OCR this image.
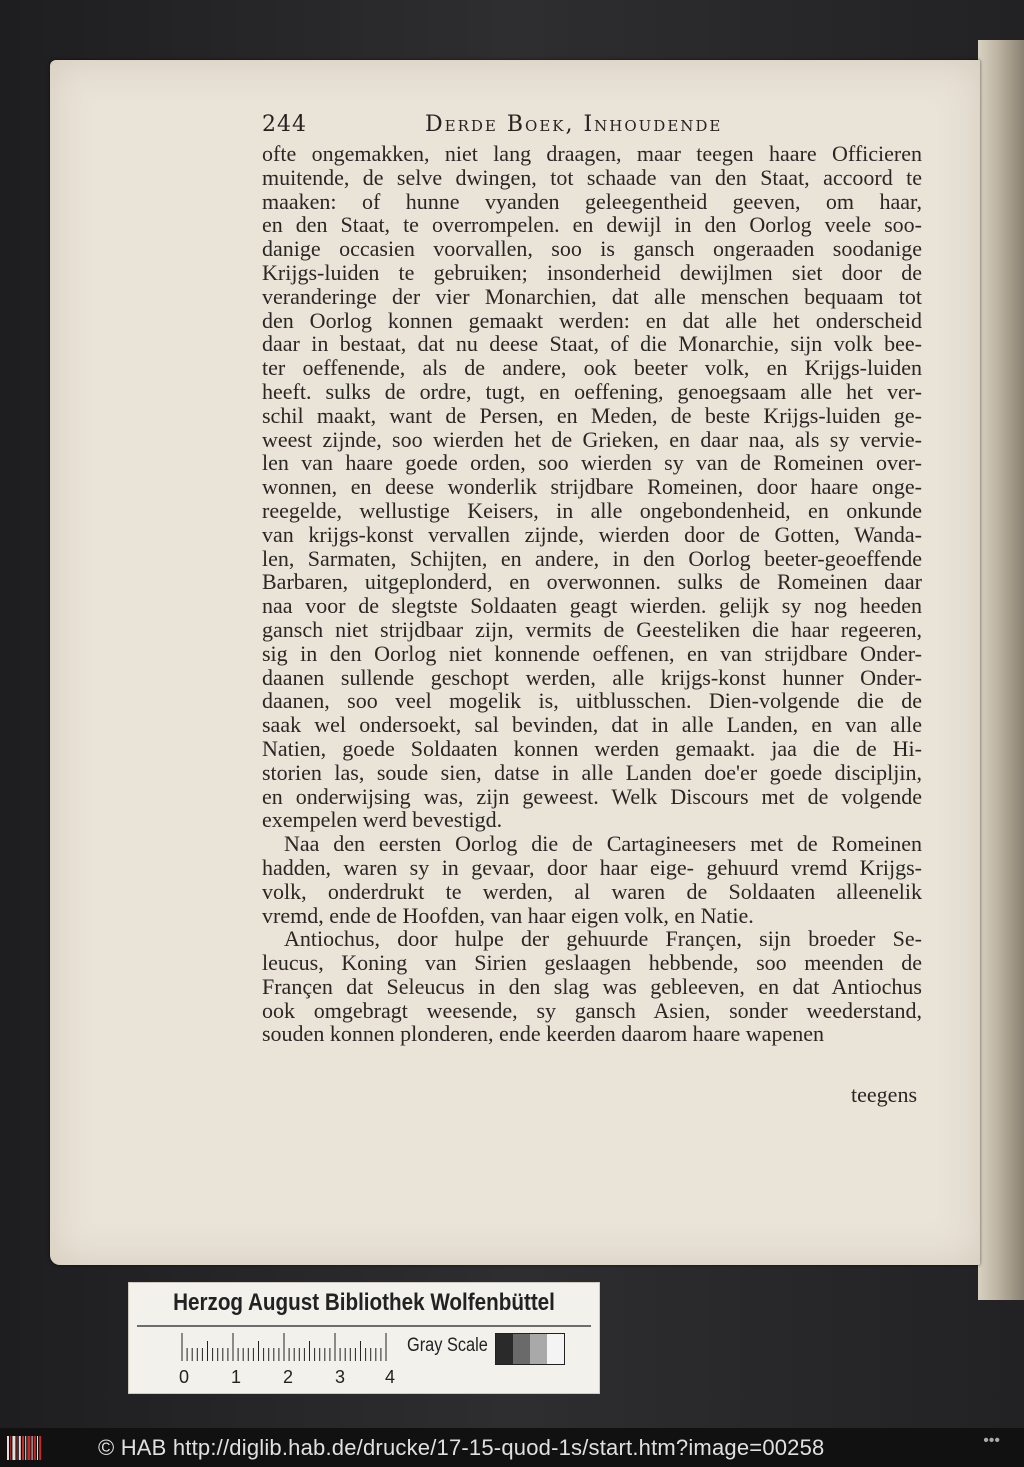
244	Derde Boek, Inhoudende
ofte ongemakken, niet lang draagen, maar teegen haare Officieren
muitende, de selve dwingen, tot schaade van den Staat, accoord te
maaken: of hunne vyanden geleegentheid geeven, om haar,
en den Staat, te overrompelen. en dewijl in den Oorlog veele soo-
danige occasien voorvallen, soo is gansch ongeraaden soodanige
Krijgs-luiden te gebruiken; insonderheid dewijlmen siet door de
veranderinge der vier Monarchien, dat alle menschen bequaam tot
den Oorlog konnen gemaakt werden: en dat alle het onderscheid
daar in bestaat, dat nu deese Staat, of die Monarchie, sijn volk bee-
ter oeffenende, als de andere, ook beeter volk, en Krijgs-luiden
heeft. sulks de ordre, tugt, en oeffening, genoegsaam alle het ver-
schil maakt, want de Persen, en Meden, de beste Krijgs-luiden ge-
weest zijnde, soo wierden het de Grieken, en daar naa, als sy vervie-
len van haare goede orden, soo wierden sy van de Romeinen over-
wonnen, en deese wonderlik strijdbare Romeinen, door haare onge-
reegelde, wellustige Keisers, in alle ongebondenheid, en onkunde
van krijgs-konst vervallen zijnde, wierden door de Gotten, Wanda-
len, Sarmaten, Schijten, en andere, in den Oorlog beeter-geoeffende
Barbaren, uitgeplonderd, en overwonnen. sulks de Romeinen daar
naa voor de slegtste Soldaaten geagt wierden. gelijk sy nog heeden
gansch niet strijdbaar zijn, vermits de Geesteliken die haar regeeren,
sig in den Oorlog niet konnende oeffenen, en van strijdbare Onder-
daanen sullende geschopt werden, alle krijgs-konst hunner Onder-
daanen, soo veel mogelik is, uitblusschen. Dien-volgende die de
saak wel ondersoekt, sal bevinden, dat in alle Landen, en van alle
Natien, goede Soldaaten konnen werden gemaakt. jaa die de Hi-
storien las, soude sien, datse in alle Landen doe'er goede discipljin,
en onderwijsing was, zijn geweest. Welk Discours met de volgende
exempelen werd bevestigd.
Naa den eersten Oorlog die de Cartagineesers met de Romeinen
hadden, waren sy in gevaar, door haar eige- gehuurd vremd Krijgs-
volk, onderdrukt te werden, al waren de Soldaaten alleenelik
vremd, ende de Hoofden, van haar eigen volk, en Natie.
Antiochus, door hulpe der gehuurde Françen, sijn broeder Se-
leucus, Koning van Sirien geslaagen hebbende, soo meenden de
Françen dat Seleucus in den slag was gebleeven, en dat Antiochus
ook omgebragt weesende, sy gansch Asien, sonder weederstand,
souden konnen plonderen, ende keerden daarom haare wapenen
teegens
Herzog August Bibliothek Wolfenbüttel
0 1 2 3 4
Gray Scale
© HAB http://diglib.hab.de/drucke/17-15-quod-1s/start.htm?image=00258	•••
